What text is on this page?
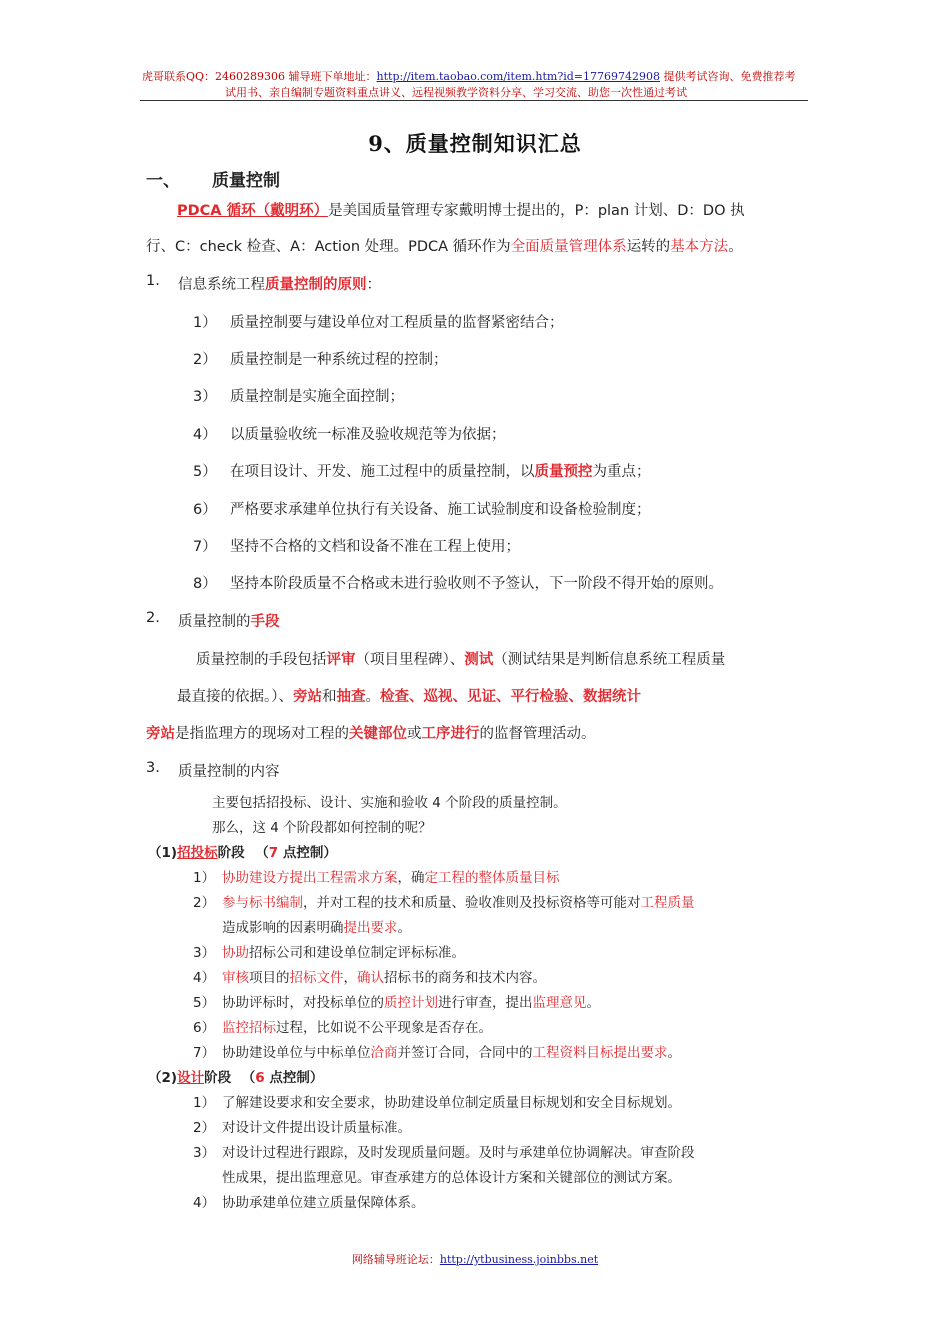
虎哥联系QQ：2460289306 辅导班下单地址：http://item.taobao.com/item.htm?id=17769742908 提供考试咨询、免费推荐考
试用书、亲自编制专题资料重点讲义、远程视频教学资料分享、学习交流、助您一次性通过考试
9、质量控制知识汇总
一、 质量控制
PDCA 循环（戴明环）是美国质量管理专家戴明博士提出的，P：plan 计划、D：DO 执
行、C：check 检查、A：Action 处理。PDCA 循环作为全面质量管理体系运转的基本方法。
1. 信息系统工程质量控制的原则：
1） 质量控制要与建设单位对工程质量的监督紧密结合；
2） 质量控制是一种系统过程的控制；
3） 质量控制是实施全面控制；
4） 以质量验收统一标准及验收规范等为依据；
5） 在项目设计、开发、施工过程中的质量控制，以质量预控为重点；
6） 严格要求承建单位执行有关设备、施工试验制度和设备检验制度；
7） 坚持不合格的文档和设备不准在工程上使用；
8） 坚持本阶段质量不合格或未进行验收则不予签认，下一阶段不得开始的原则。
2. 质量控制的手段
质量控制的手段包括评审（项目里程碑）、测试（测试结果是判断信息系统工程质量
最直接的依据。）、旁站和抽查。检查、巡视、见证、平行检验、数据统计
旁站是指监理方的现场对工程的关键部位或工序进行的监督管理活动。
3. 质量控制的内容
主要包括招投标、设计、实施和验收 4 个阶段的质量控制。
那么，这 4 个阶段都如何控制的呢？
（1)招投标阶段 （7 点控制）
1） 协助建设方提出工程需求方案，确定工程的整体质量目标
2） 参与标书编制，并对工程的技术和质量、验收准则及投标资格等可能对工程质量
造成影响的因素明确提出要求。
3） 协助招标公司和建设单位制定评标标准。
4） 审核项目的招标文件，确认招标书的商务和技术内容。
5） 协助评标时，对投标单位的质控计划进行审查，提出监理意见。
6） 监控招标过程，比如说不公平现象是否存在。
7） 协助建设单位与中标单位洽商并签订合同，合同中的工程资料目标提出要求。
（2)设计阶段 （6 点控制）
1） 了解建设要求和安全要求，协助建设单位制定质量目标规划和安全目标规划。
2） 对设计文件提出设计质量标准。
3） 对设计过程进行跟踪，及时发现质量问题。及时与承建单位协调解决。审查阶段
性成果，提出监理意见。审查承建方的总体设计方案和关键部位的测试方案。
4） 协助承建单位建立质量保障体系。
网络辅导班论坛：http://ytbusiness.joinbbs.net
